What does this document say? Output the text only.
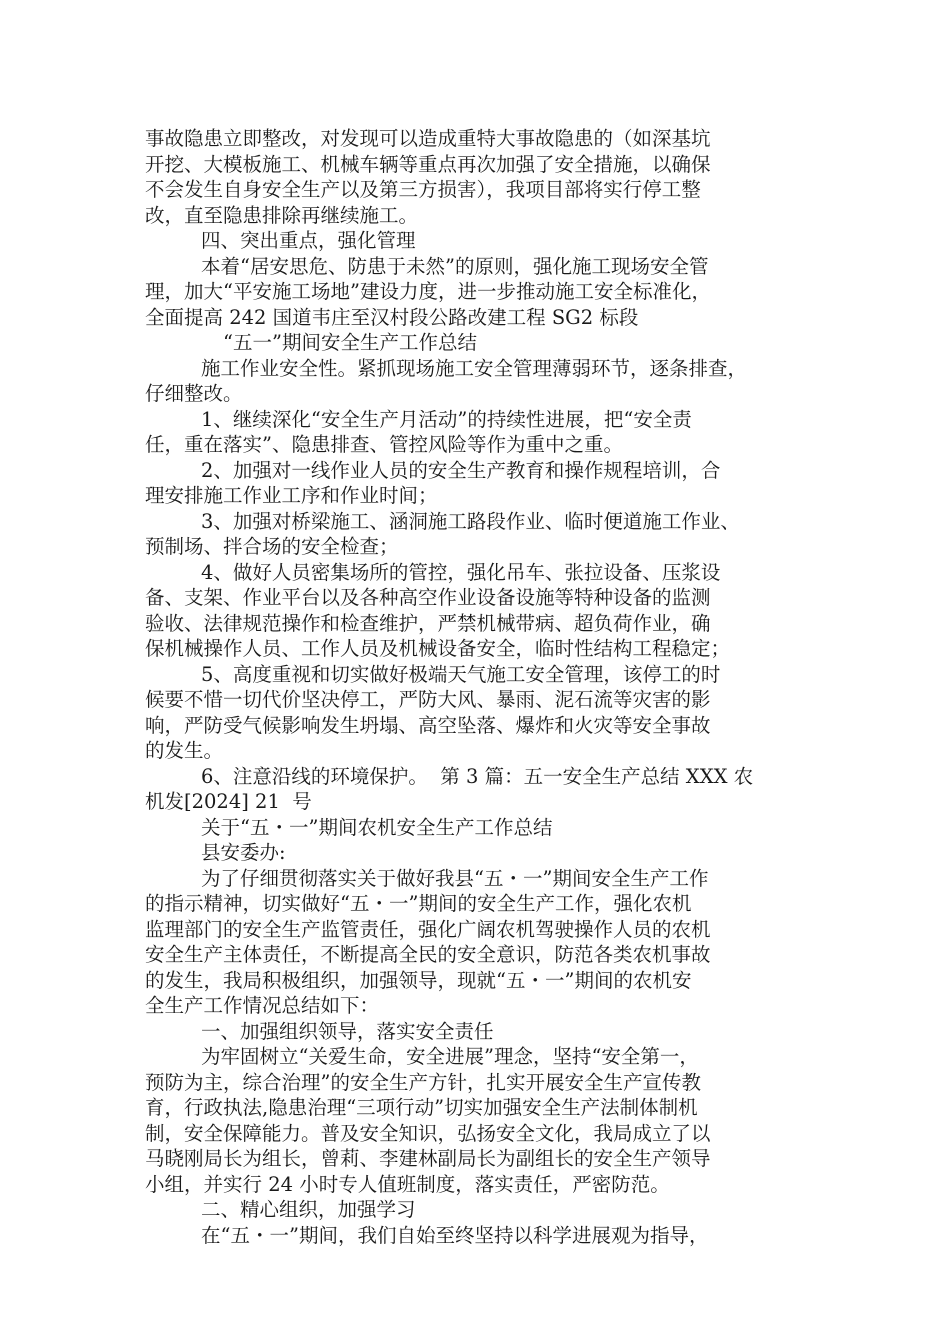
事故隐患立即整改，对发现可以造成重特大事故隐患的（如深基坑
开挖、大模板施工、机械车辆等重点再次加强了安全措施，以确保
不会发生自身安全生产以及第三方损害），我项目部将实行停工整
改，直至隐患排除再继续施工。
四、突出重点，强化管理
本着“居安思危、防患于未然”的原则，强化施工现场安全管
理，加大“平安施工场地”建设力度，进一步推动施工安全标准化，
全面提高 242 国道韦庄至汉村段公路改建工程 SG2 标段
“五一”期间安全生产工作总结
施工作业安全性。紧抓现场施工安全管理薄弱环节，逐条排查，
仔细整改。
1、继续深化“安全生产月活动”的持续性进展，把“安全责
任，重在落实”、隐患排查、管控风险等作为重中之重。
2、加强对一线作业人员的安全生产教育和操作规程培训，合
理安排施工作业工序和作业时间；
3、加强对桥梁施工、涵洞施工路段作业、临时便道施工作业、
预制场、拌合场的安全检查；
4、做好人员密集场所的管控，强化吊车、张拉设备、压浆设
备、支架、作业平台以及各种高空作业设备设施等特种设备的监测
验收、法律规范操作和检查维护，严禁机械带病、超负荷作业，确
保机械操作人员、工作人员及机械设备安全，临时性结构工程稳定；
5、高度重视和切实做好极端天气施工安全管理，该停工的时
候要不惜一切代价坚决停工，严防大风、暴雨、泥石流等灾害的影
响，严防受气候影响发生坍塌、高空坠落、爆炸和火灾等安全事故
的发生。
6、注意沿线的环境保护。  第 3 篇：五一安全生产总结 XXX 农
机发[2024] 21  号
关于“五・一”期间农机安全生产工作总结
县安委办:
为了仔细贯彻落实关于做好我县“五・一”期间安全生产工作
的指示精神，切实做好“五・一”期间的安全生产工作，强化农机
监理部门的安全生产监管责任，强化广阔农机驾驶操作人员的农机
安全生产主体责任，不断提高全民的安全意识，防范各类农机事故
的发生，我局积极组织，加强领导，现就“五・一”期间的农机安
全生产工作情况总结如下：
一、加强组织领导，落实安全责任
为牢固树立“关爱生命，安全进展”理念，坚持“安全第一，
预防为主，综合治理”的安全生产方针，扎实开展安全生产宣传教
育，行政执法,隐患治理“三项行动”切实加强安全生产法制体制机
制，安全保障能力。普及安全知识，弘扬安全文化，我局成立了以
马晓刚局长为组长，曾莉、李建林副局长为副组长的安全生产领导
小组，并实行 24 小时专人值班制度，落实责任，严密防范。
二、精心组织，加强学习
在“五・一”期间，我们自始至终坚持以科学进展观为指导，
